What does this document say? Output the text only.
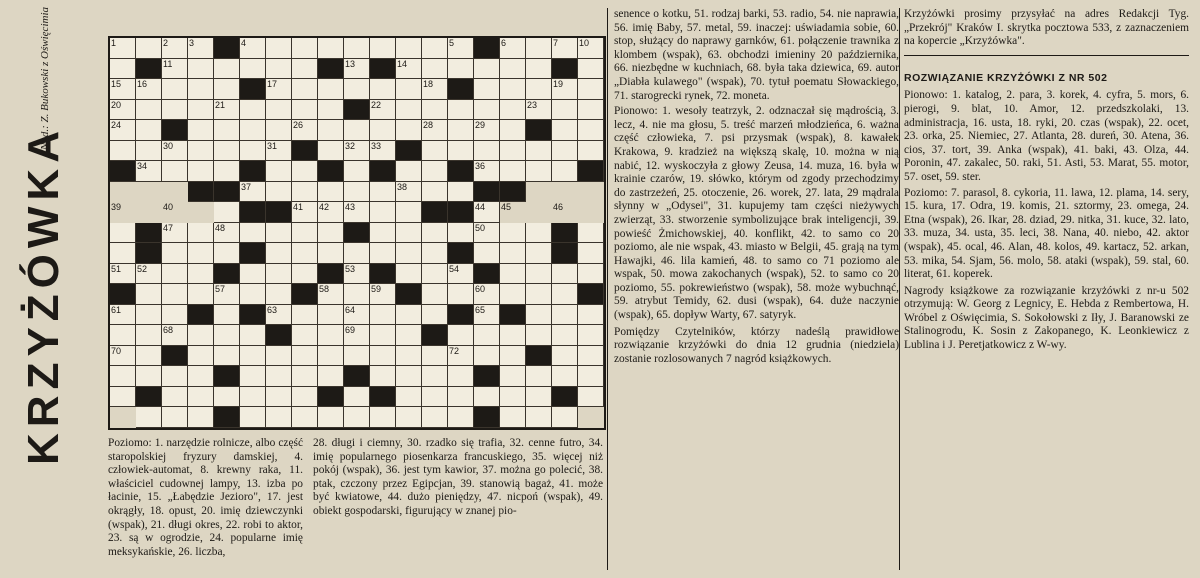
Nad.: Z. Bukowski z Oświęcimia
KRZYŻÓWKA
1	2 3	4	5	6	7 10
11	13	14
15 16	17	18	19
20	21	22	23
24	26	28	29
30	31	32 33
34	36
37	38
39	40	41 42 43	44 45	46
47	48	50
51 52	53	54
57	58	59	60
61	63	64	65
68	69
70	72

Poziomo: 1. narzędzie rolnicze, albo część staropolskiej fryzury damskiej, 4. człowiek-automat, 8. krewny raka, 11. właściciel cudownej lampy, 13. izba po łacinie, 15. „Łabędzie Jezioro", 17. jest okrągły, 18. opust, 20. imię dziewczynki (wspak), 21. długi okres, 22. robi to aktor, 23. są w ogrodzie, 24. popularne imię meksykańskie, 26. liczba,

28. długi i ciemny, 30. rzadko się trafia, 32. cenne futro, 34. imię popularnego piosenkarza francuskiego, 35. więcej niż pokój (wspak), 36. jest tym kawior, 37. można go polecić, 38. ptak, czczony przez Egipcjan, 39. stanowią bagaż, 41. może być kwiatowe, 44. dużo pieniędzy, 47. nicpoń (wspak), 49. obiekt gospodarski, figurujący w znanej pio-

senence o kotku, 51. rodzaj barki, 53. radio, 54. nie naprawia, 56. imię Baby, 57. metal, 59. inaczej: uświadamia sobie, 60. stop, służący do naprawy garnków, 61. połączenie trawnika z klombem (wspak), 63. obchodzi imieniny 20 października, 66. niezbędne w kuchniach, 68. była taka dziewica, 69. autor „Diabła kulawego" (wspak), 70. tytuł poematu Słowackiego, 71. starogrecki rynek, 72. moneta.

Pionowo: 1. wesoły teatrzyk, 2. odznaczał się mądrością, 3. lecz, 4. nie ma głosu, 5. treść marzeń młodzieńca, 6. ważna część człowieka, 7. psi przysmak (wspak), 8. kawałek Krakowa, 9. kradzież na większą skalę, 10. można w nią nabić, 12. wyskoczyła z głowy Zeusa, 14. muza, 16. była w krainie czarów, 19. słówko, którym od zgody przechodzimy do zastrzeżeń, 25. otoczenie, 26. worek, 27. lata, 29 mądrala słynny w „Odysei", 31. kupujemy tam części nieżywych zwierząt, 33. stworzenie symbolizujące brak inteligencji, 39. powieść Żmichowskiej, 40. konflikt, 42. to samo co 20 poziomo, ale nie wspak, 43. miasto w Belgii, 45. grają na tym Hawajki, 46. lila kamień, 48. to samo co 71 poziomo ale wspak, 50. mowa zakochanych (wspak), 52. to samo co 20 poziomo, 55. pokrewieństwo (wspak), 58. może wybuchnąć, 59. atrybut Temidy, 62. dusi (wspak), 64. duże naczynie (wspak), 65. dopływ Warty, 67. satyryk.

Pomiędzy Czytelników, którzy nadeślą prawidłowe rozwiązanie krzyżówki do dnia 12 grudnia (niedziela) zostanie rozlosowanych 7 nagród książkowych.

Krzyżówki prosimy przysyłać na adres Redakcji Tyg. „Przekrój" Kraków I. skrytka pocztowa 533, z zaznaczeniem na kopercie „Krzyżówka".

ROZWIĄZANIE KRZYŻÓWKI Z NR 502

Pionowo: 1. katalog, 2. para, 3. korek, 4. cyfra, 5. mors, 6. pierogi, 9. blat, 10. Amor, 12. przedszkolaki, 13. administracja, 16. usta, 18. ryki, 20. czas (wspak), 22. ocet, 23. orka, 25. Niemiec, 27. Atlanta, 28. dureń, 30. Atena, 36. cios, 37. tort, 39. Anka (wspak), 41. baki, 43. Olza, 44. Poronin, 47. zakalec, 50. raki, 51. Asti, 53. Marat, 55. motor, 57. oset, 59. ster.

Poziomo: 7. parasol, 8. cykoria, 11. lawa, 12. plama, 14. sery, 15. kura, 17. Odra, 19. komis, 21. sztormy, 23. omega, 24. Etna (wspak), 26. Ikar, 28. dziad, 29. nitka, 31. kuce, 32. lato, 33. muza, 34. usta, 35. leci, 38. Nana, 40. niebo, 42. aktor (wspak), 45. ocal, 46. Alan, 48. kolos, 49. kartacz, 52. arkan, 53. mika, 54. Sjam, 56. molo, 58. ataki (wspak), 59. stal, 60. literat, 61. koperek.

Nagrody książkowe za rozwiązanie krzyżówki z nr-u 502 otrzymują: W. Georg z Legnicy, E. Hebda z Rembertowa, H. Wróbel z Oświęcimia, S. Sokołowski z Iły, J. Baranowski ze Stalinogrodu, K. Sosin z Zakopanego, K. Leonkiewicz z Lublina i J. Peretjatkowicz z W-wy.
